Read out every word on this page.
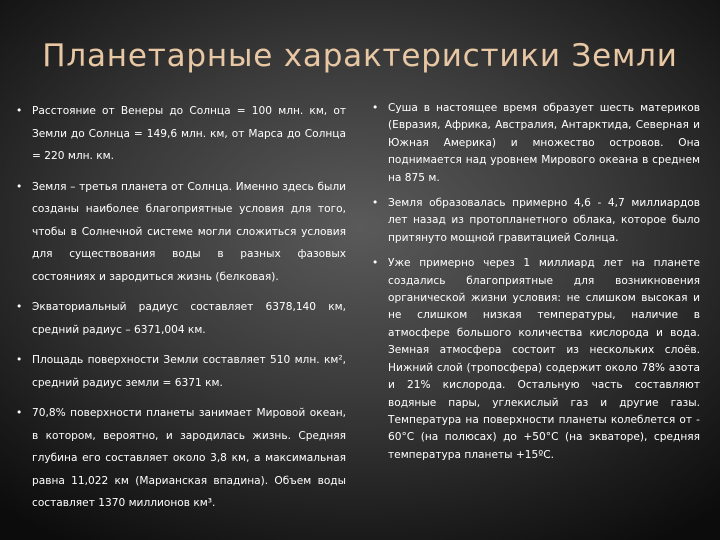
Планетарные характеристики Земли
• Расстояние от Венеры до Солнца = 100 млн. км, от Земли до Солнца = 149,6 млн. км, от Марса до Солнца = 220 млн. км.
• Земля – третья планета от Солнца. Именно здесь были созданы наиболее благоприятные условия для того, чтобы в Солнечной системе могли сложиться условия для существования воды в разных фазовых состояниях и зародиться жизнь (белковая).
• Экваториальный радиус составляет 6378,140 км, средний радиус – 6371,004 км.
• Площадь поверхности Земли составляет 510 млн. км², средний радиус земли = 6371 км.
• 70,8% поверхности планеты занимает Мировой океан, в котором, вероятно, и зародилась жизнь. Средняя глубина его составляет около 3,8 км, а максимальная равна 11,022 км (Марианская впадина). Объем воды составляет 1370 миллионов км³.
• Суша в настоящее время образует шесть материков (Евразия, Африка, Австралия, Антарктида, Северная и Южная Америка) и множество островов. Она поднимается над уровнем Мирового океана в среднем на 875 м.
• Земля образовалась примерно 4,6 - 4,7 миллиардов лет назад из протопланетного облака, которое было притянуто мощной гравитацией Солнца.
• Уже примерно через 1 миллиард лет на планете создались благоприятные для возникновения органической жизни условия: не слишком высокая и не слишком низкая температуры, наличие в атмосфере большого количества кислорода и вода. Земная атмосфера состоит из нескольких слоёв. Нижний слой (тропосфера) содержит около 78% азота и 21% кислорода. Остальную часть составляют водяные пары, углекислый газ и другие газы. Температура на поверхности планеты колеблется от - 60°С (на полюсах) до +50°С (на экваторе), средняя температура планеты +15ºС.
